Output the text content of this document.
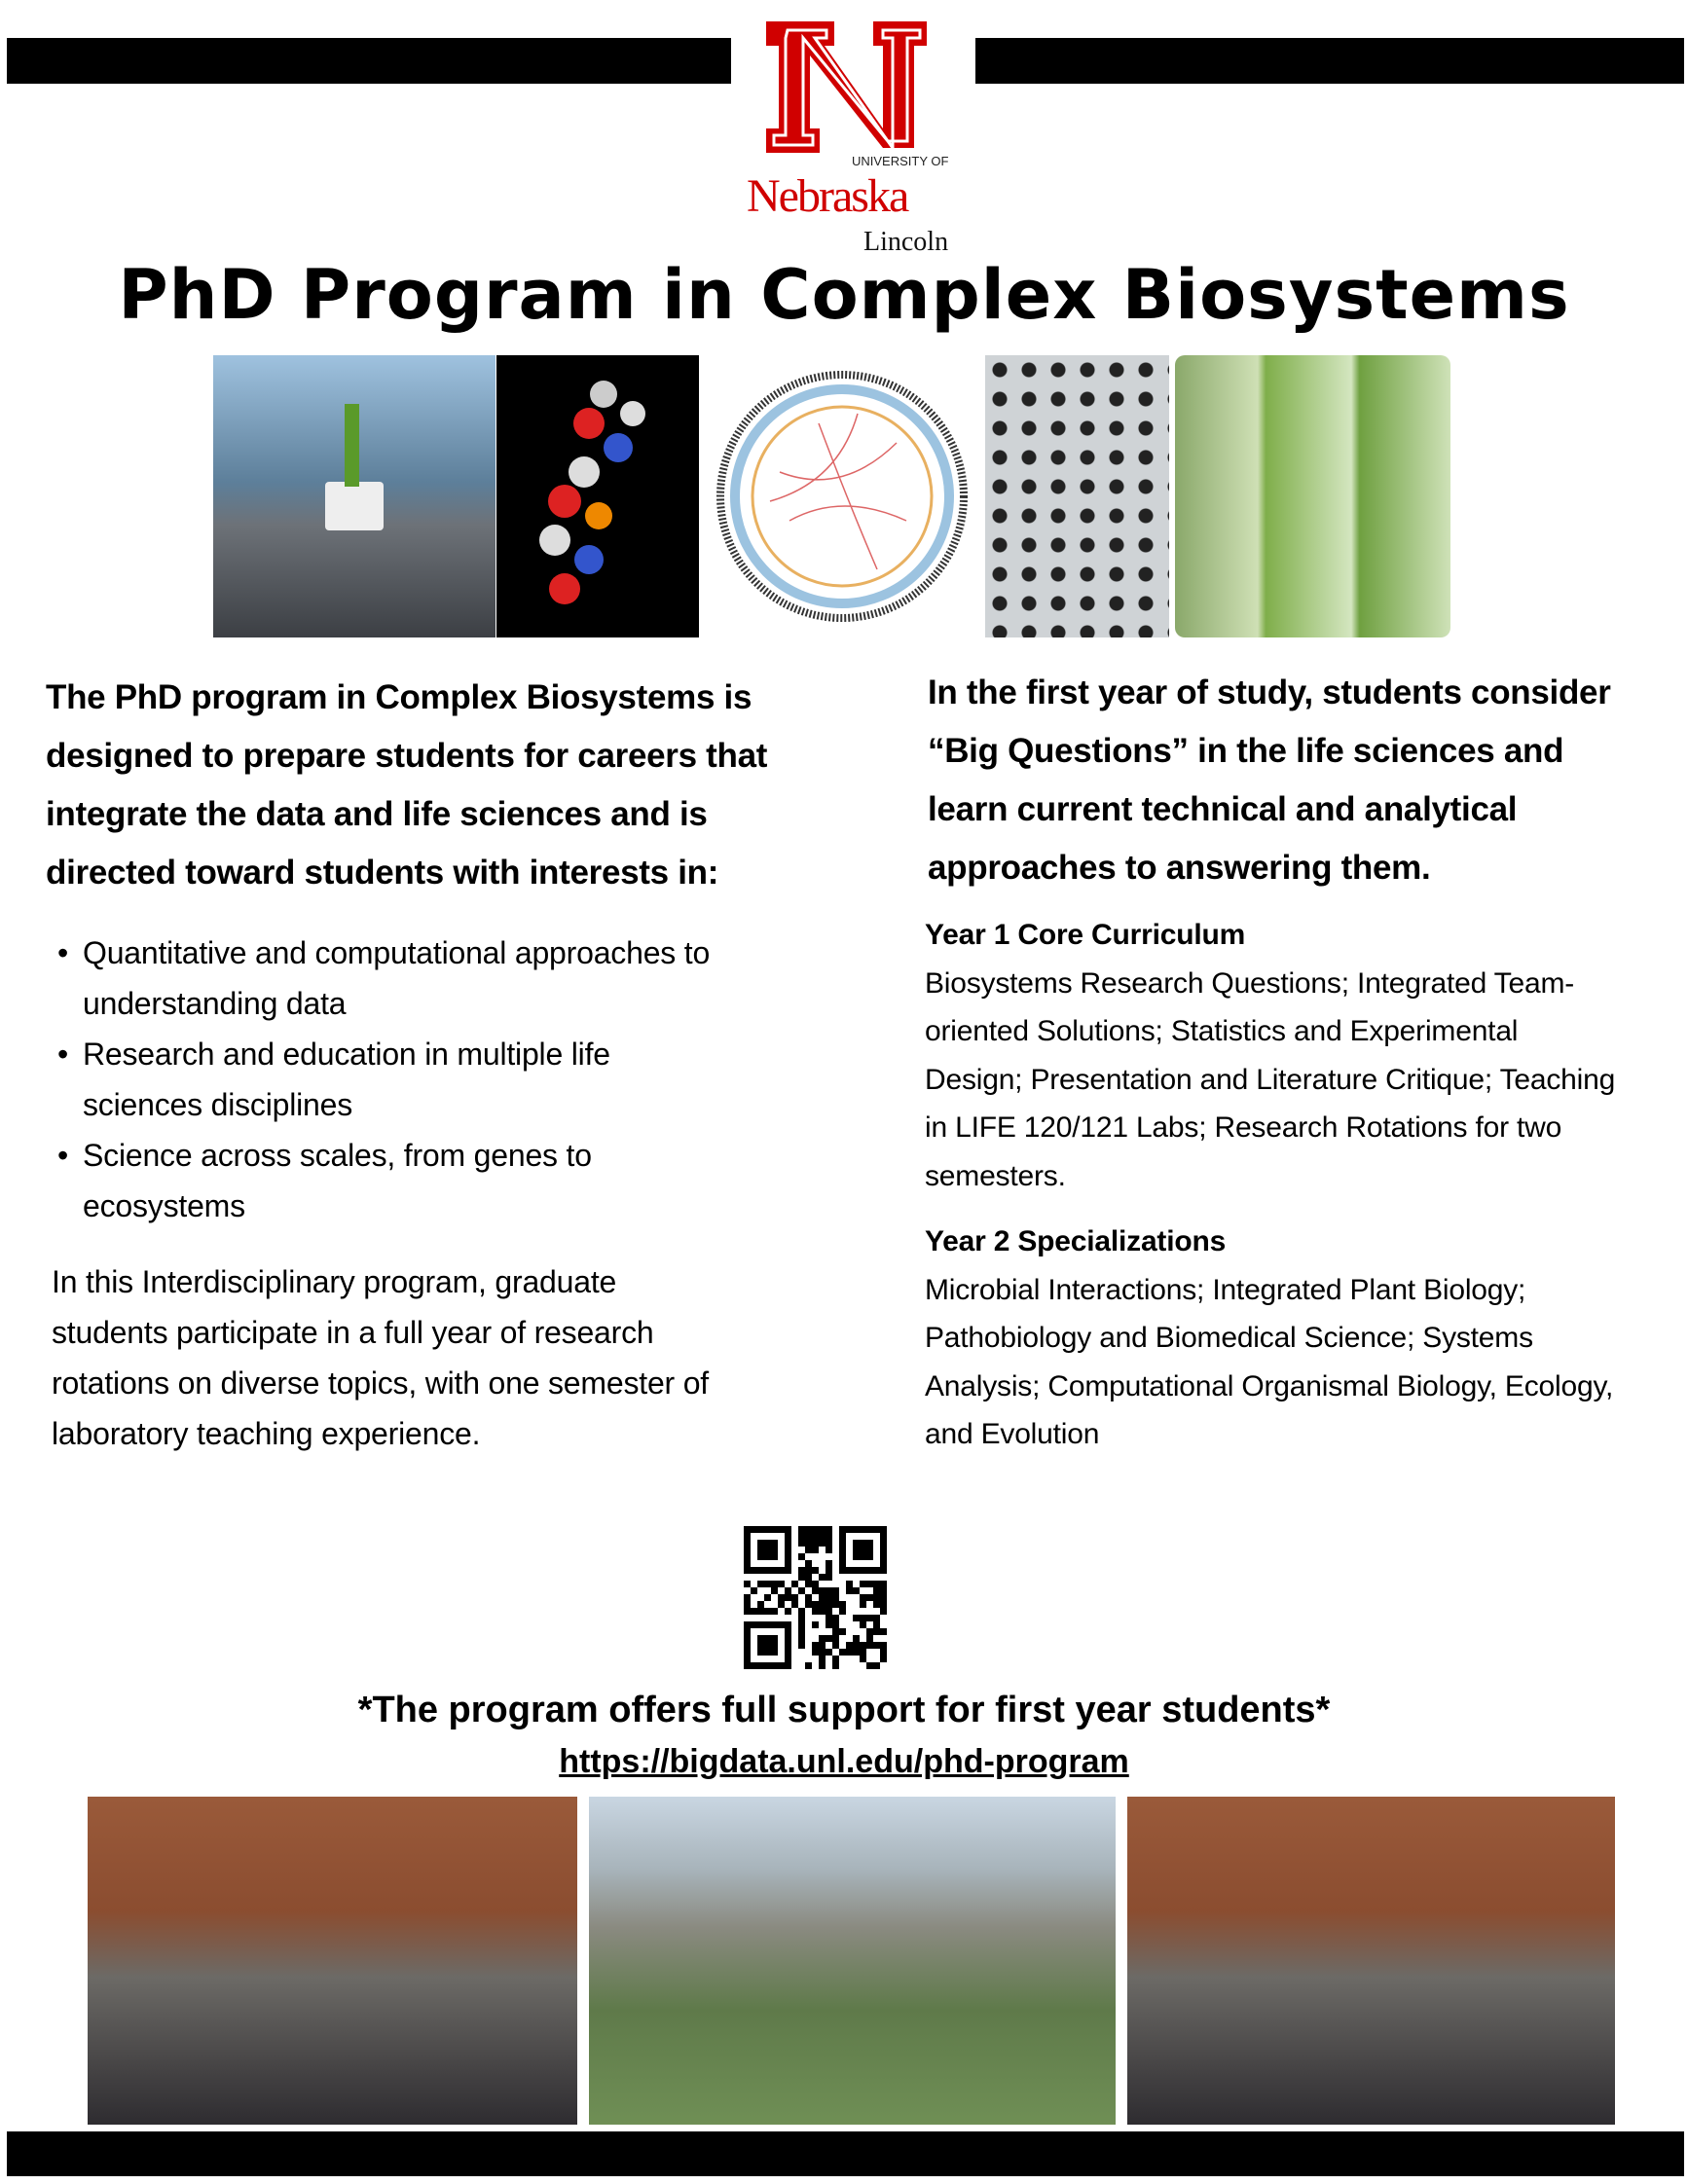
UNIVERSITY OF
Nebraska
Lincoln
PhD Program in Complex Biosystems
The PhD program in Complex Biosystems is designed to prepare students for careers that integrate the data and life sciences and is directed toward students with interests in:
• Quantitative and computational approaches to understanding data
• Research and education in multiple life sciences disciplines
• Science across scales, from genes to ecosystems
In this Interdisciplinary program, graduate students participate in a full year of research rotations on diverse topics, with one semester of laboratory teaching experience.
In the first year of study, students consider “Big Questions” in the life sciences and learn current technical and analytical approaches to answering them.
Year 1 Core Curriculum
Biosystems Research Questions; Integrated Team-oriented Solutions; Statistics and Experimental Design; Presentation and Literature Critique; Teaching in LIFE 120/121 Labs; Research Rotations for two semesters.
Year 2 Specializations
Microbial Interactions; Integrated Plant Biology; Pathobiology and Biomedical Science; Systems Analysis; Computational Organismal Biology, Ecology, and Evolution
*The program offers full support for first year students*
https://bigdata.unl.edu/phd-program
